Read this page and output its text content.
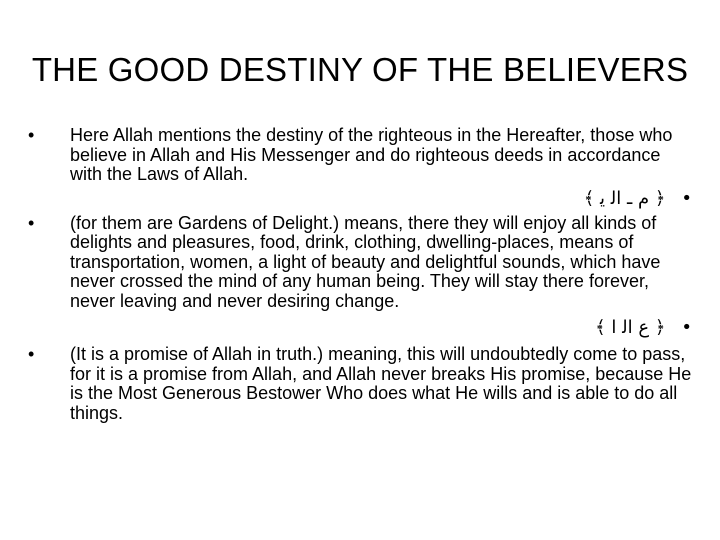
THE GOOD DESTINY OF THE BELIEVERS
•	Here Allah mentions the destiny of the righteous in the Hereafter, those who believe in Allah and His Messenger and do righteous deeds in accordance with the Laws of Allah.
•﴿ م ـ ﺍﻟ ﻳ ﴾
•	(for them are Gardens of Delight.) means, there they will enjoy all kinds of delights and pleasures, food, drink, clothing, dwelling-places, means of transportation, women, a light of beauty and delightful sounds, which have never crossed the mind of any human being. They will stay there forever, never leaving and never desiring change.
•﴿ ﻉ ﺍﻟ ﺍ ﴾
•	(It is a promise of Allah in truth.) meaning, this will undoubtedly come to pass, for it is a promise from Allah, and Allah never breaks His promise, because He is the Most Generous Bestower Who does what He wills and is able to do all things.
